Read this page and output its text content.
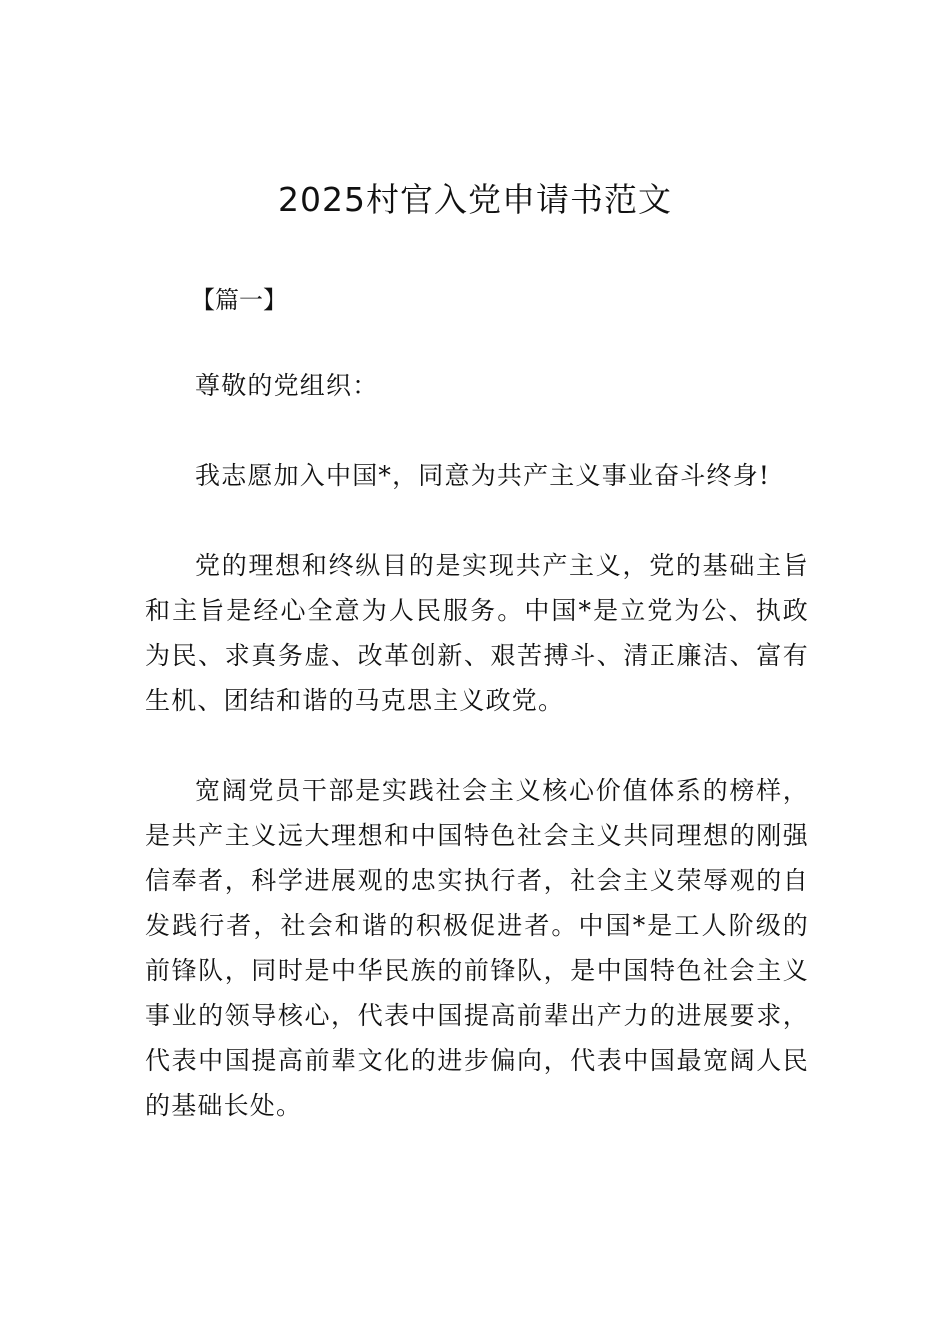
2025村官入党申请书范文

【篇一】

尊敬的党组织：

我志愿加入中国*，同意为共产主义事业奋斗终身!

党的理想和终纵目的是实现共产主义，党的基础主旨和主旨是经心全意为人民服务。中国*是立党为公、执政为民、求真务虚、改革创新、艰苦搏斗、清正廉洁、富有生机、团结和谐的马克思主义政党。

宽阔党员干部是实践社会主义核心价值体系的榜样，是共产主义远大理想和中国特色社会主义共同理想的刚强信奉者，科学进展观的忠实执行者，社会主义荣辱观的自发践行者，社会和谐的积极促进者。中国*是工人阶级的前锋队，同时是中华民族的前锋队，是中国特色社会主义事业的领导核心，代表中国提高前辈出产力的进展要求，代表中国提高前辈文化的进步偏向，代表中国最宽阔人民的基础长处。
